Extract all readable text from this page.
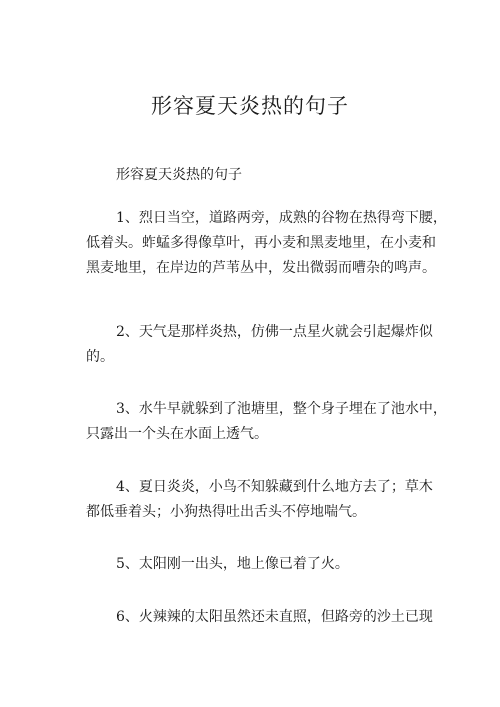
形容夏天炎热的句子

形容夏天炎热的句子

1、烈日当空，道路两旁，成熟的谷物在热得弯下腰，
低着头。蚱蜢多得像草叶，再小麦和黑麦地里，在小麦和
黑麦地里，在岸边的芦苇丛中，发出微弱而嘈杂的鸣声。
2、天气是那样炎热，仿佛一点星火就会引起爆炸似
的。
3、水牛早就躲到了池塘里，整个身子埋在了池水中，
只露出一个头在水面上透气。
4、夏日炎炎，小鸟不知躲藏到什么地方去了；草木
都低垂着头；小狗热得吐出舌头不停地喘气。
5、太阳刚一出头，地上像已着了火。
6、火辣辣的太阳虽然还未直照，但路旁的沙土已现
